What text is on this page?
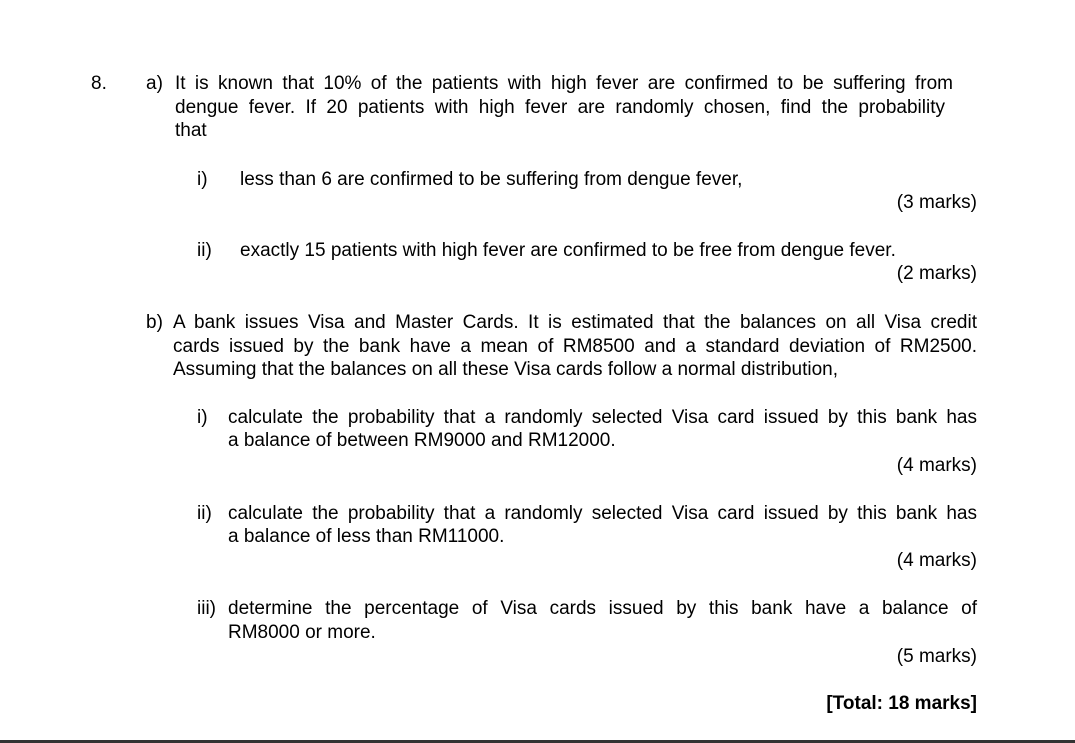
8. a) It is known that 10% of the patients with high fever are confirmed to be suffering from
dengue fever. If 20 patients with high fever are randomly chosen, find the probability
that
i) less than 6 are confirmed to be suffering from dengue fever,
(3 marks)
ii) exactly 15 patients with high fever are confirmed to be free from dengue fever.
(2 marks)
b) A bank issues Visa and Master Cards. It is estimated that the balances on all Visa credit
cards issued by the bank have a mean of RM8500 and a standard deviation of RM2500.
Assuming that the balances on all these Visa cards follow a normal distribution,
i) calculate the probability that a randomly selected Visa card issued by this bank has
a balance of between RM9000 and RM12000.
(4 marks)
ii) calculate the probability that a randomly selected Visa card issued by this bank has
a balance of less than RM11000.
(4 marks)
iii) determine the percentage of Visa cards issued by this bank have a balance of
RM8000 or more.
(5 marks)
[Total: 18 marks]
